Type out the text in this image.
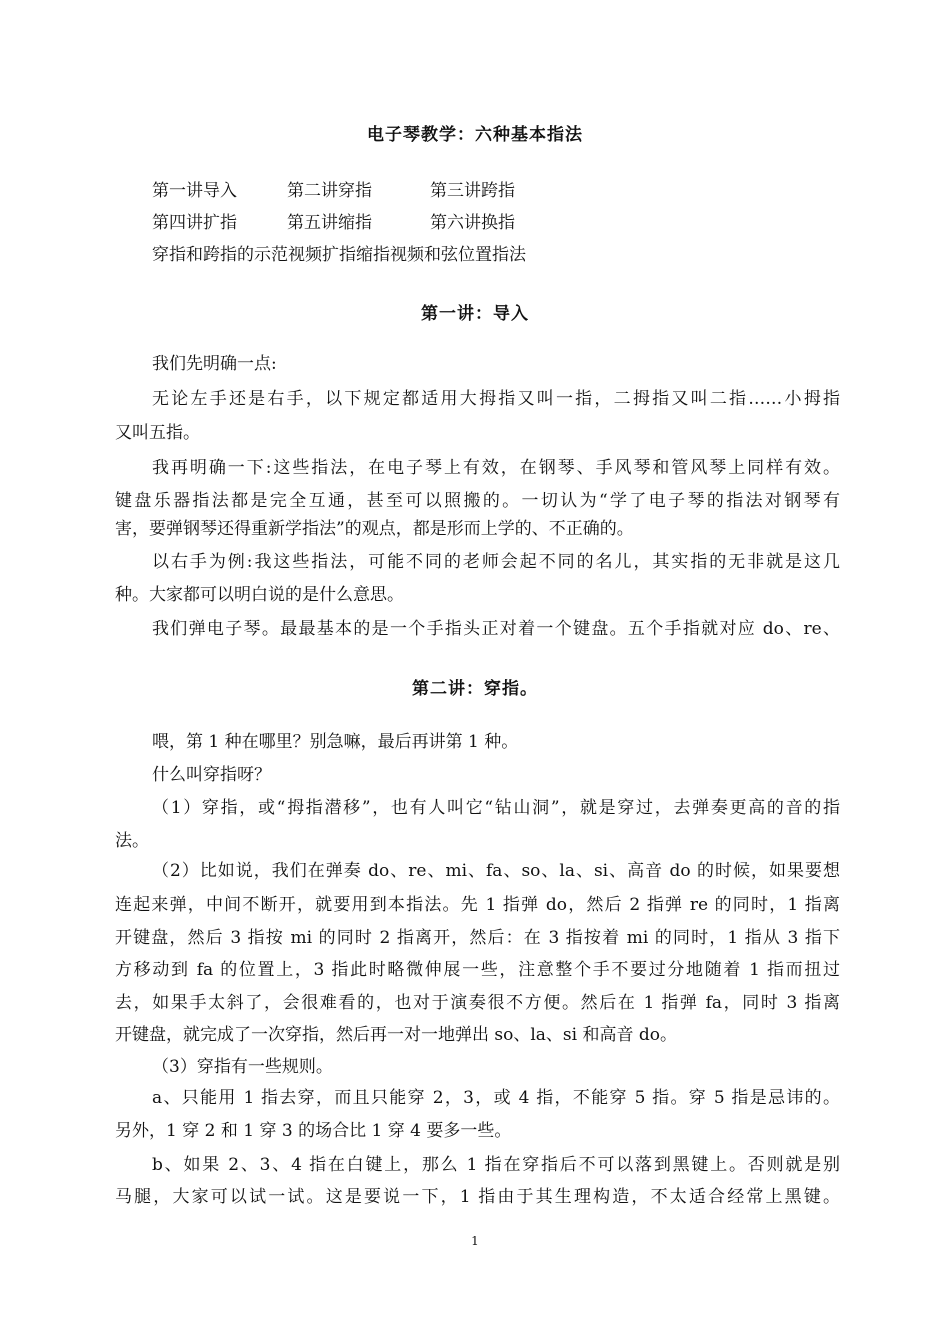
电子琴教学：六种基本指法
第一讲导入	第二讲穿指	第三讲跨指
第四讲扩指	第五讲缩指	第六讲换指
穿指和跨指的示范视频扩指缩指视频和弦位置指法
第一讲：导入
我们先明确一点:
无论左手还是右手，以下规定都适用大拇指又叫一指，二拇指又叫二指……小拇指
又叫五指。
我再明确一下:这些指法，在电子琴上有效，在钢琴、手风琴和管风琴上同样有效。
键盘乐器指法都是完全互通，甚至可以照搬的。一切认为“学了电子琴的指法对钢琴有
害，要弹钢琴还得重新学指法”的观点，都是形而上学的、不正确的。
以右手为例:我这些指法，可能不同的老师会起不同的名儿，其实指的无非就是这几
种。大家都可以明白说的是什么意思。
我们弹电子琴。最最基本的是一个手指头正对着一个键盘。五个手指就对应 do、re、
第二讲：穿指。
喂，第 1 种在哪里？别急嘛，最后再讲第 1 种。
什么叫穿指呀？
（1）穿指，或“拇指潜移”，也有人叫它“钻山洞”，就是穿过，去弹奏更高的音的指
法。
（2）比如说，我们在弹奏 do、re、mi、fa、so、la、si、高音 do 的时候，如果要想
连起来弹，中间不断开，就要用到本指法。先 1 指弹 do，然后 2 指弹 re 的同时，1 指离
开键盘，然后 3 指按 mi 的同时 2 指离开，然后：在 3 指按着 mi 的同时，1 指从 3 指下
方移动到 fa 的位置上，3 指此时略微伸展一些，注意整个手不要过分地随着 1 指而扭过
去，如果手太斜了，会很难看的，也对于演奏很不方便。然后在 1 指弹 fa，同时 3 指离
开键盘，就完成了一次穿指，然后再一对一地弹出 so、la、si 和高音 do。
（3）穿指有一些规则。
a、只能用 1 指去穿，而且只能穿 2，3，或 4 指，不能穿 5 指。穿 5 指是忌讳的。
另外，1 穿 2 和 1 穿 3 的场合比 1 穿 4 要多一些。
b、如果 2、3、4 指在白键上，那么 1 指在穿指后不可以落到黑键上。否则就是别
马腿，大家可以试一试。这是要说一下，1 指由于其生理构造，不太适合经常上黑键。
1
